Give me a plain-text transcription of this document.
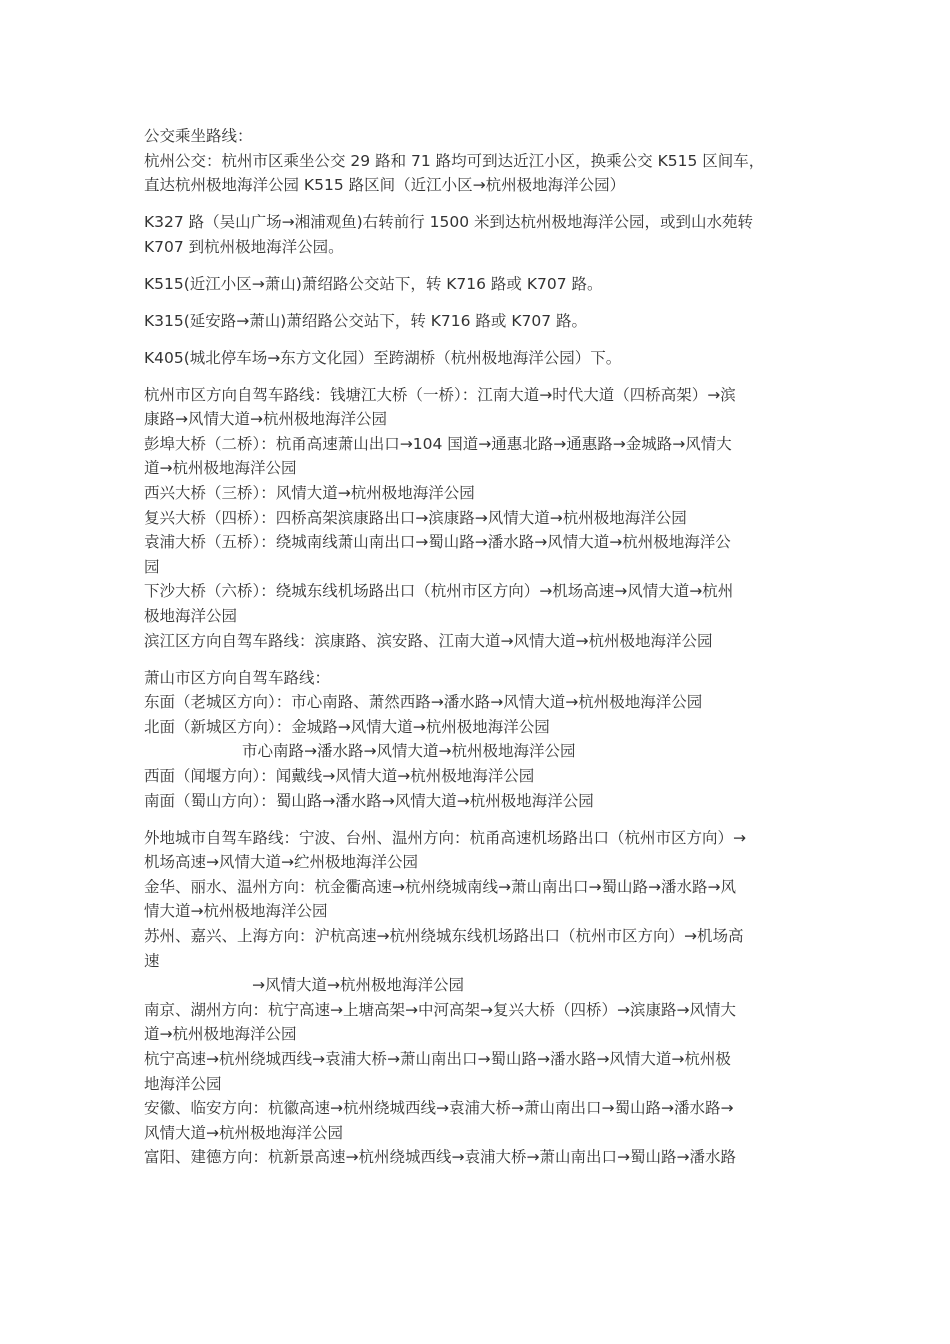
公交乘坐路线：

杭州公交：杭州市区乘坐公交 29 路和 71 路均可到达近江小区，换乘公交 K515 区间车，

直达杭州极地海洋公园 K515 路区间（近江小区→杭州极地海洋公园）

K327 路（吴山广场→湘浦观鱼)右转前行 1500 米到达杭州极地海洋公园，或到山水苑转

K707 到杭州极地海洋公园。

K515(近江小区→萧山)萧绍路公交站下，转 K716 路或 K707 路。

K315(延安路→萧山)萧绍路公交站下，转 K716 路或 K707 路。

K405(城北停车场→东方文化园）至跨湖桥（杭州极地海洋公园）下。

杭州市区方向自驾车路线：钱塘江大桥（一桥）：江南大道→时代大道（四桥高架）→滨

康路→风情大道→杭州极地海洋公园

彭埠大桥（二桥）：杭甬高速萧山出口→104 国道→通惠北路→通惠路→金城路→风情大

道→杭州极地海洋公园

西兴大桥（三桥）：风情大道→杭州极地海洋公园

复兴大桥（四桥）：四桥高架滨康路出口→滨康路→风情大道→杭州极地海洋公园

袁浦大桥（五桥）：绕城南线萧山南出口→蜀山路→潘水路→风情大道→杭州极地海洋公

园

下沙大桥（六桥）：绕城东线机场路出口（杭州市区方向）→机场高速→风情大道→杭州

极地海洋公园

滨江区方向自驾车路线：滨康路、滨安路、江南大道→风情大道→杭州极地海洋公园

萧山市区方向自驾车路线：

东面（老城区方向）：市心南路、萧然西路→潘水路→风情大道→杭州极地海洋公园

北面（新城区方向）：金城路→风情大道→杭州极地海洋公园

市心南路→潘水路→风情大道→杭州极地海洋公园

西面（闻堰方向）：闻戴线→风情大道→杭州极地海洋公园

南面（蜀山方向）：蜀山路→潘水路→风情大道→杭州极地海洋公园

外地城市自驾车路线：宁波、台州、温州方向：杭甬高速机场路出口（杭州市区方向）→

机场高速→风情大道→纻州极地海洋公园

金华、丽水、温州方向：杭金衢高速→杭州绕城南线→萧山南出口→蜀山路→潘水路→风

情大道→杭州极地海洋公园

苏州、嘉兴、上海方向：沪杭高速→杭州绕城东线机场路出口（杭州市区方向）→机场高

速

→风情大道→杭州极地海洋公园

南京、湖州方向：杭宁高速→上塘高架→中河高架→复兴大桥（四桥）→滨康路→风情大

道→杭州极地海洋公园

杭宁高速→杭州绕城西线→袁浦大桥→萧山南出口→蜀山路→潘水路→风情大道→杭州极

地海洋公园

安徽、临安方向：杭徽高速→杭州绕城西线→袁浦大桥→萧山南出口→蜀山路→潘水路→

风情大道→杭州极地海洋公园

富阳、建德方向：杭新景高速→杭州绕城西线→袁浦大桥→萧山南出口→蜀山路→潘水路
